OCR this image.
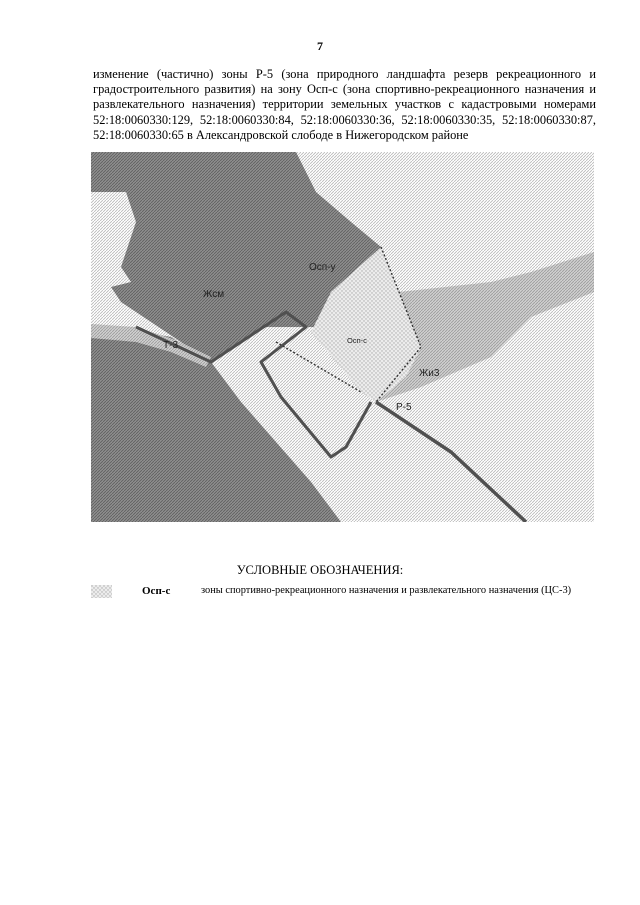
7

изменение (частично) зоны Р-5 (зона природного ландшафта резерв рекреационного и градостроительного развития) на зону Осп-с (зона спортивно-рекреационного назначения и развлекательного назначения) территории земельных участков с кадастровыми номерами 52:18:0060330:129, 52:18:0060330:84, 52:18:0060330:36, 52:18:0060330:35, 52:18:0060330:87, 52:18:0060330:65 в Александровской слободе в Нижегородском районе

Жсм
Осп-у
Осп-с
Т-3
Жи3
Р-5
УСЛОВНЫЕ ОБОЗНАЧЕНИЯ:
Осп-с	зоны спортивно-рекреационного назначения и развлекательного назначения (ЦС-3)
